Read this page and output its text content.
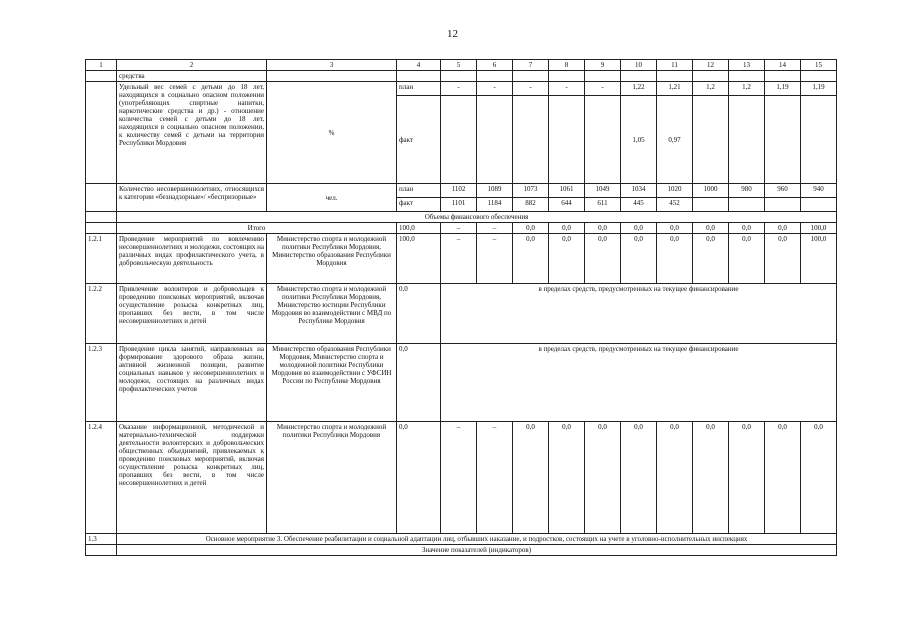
12
1	2	3	4	5	6	7	8	9	10	11	12	13	14	15
	средства													
	Удельный вес семей с детьми до 18 лет, находящихся в социально опасном положении (употребляющих спиртные напитки, наркотические средства и др.) - отношение количества семей с детьми до 18 лет, находящихся в социально опасном положении, к количеству семей с детьми на территории Республики Мордовия	%	план	-	-	-	-	-	1,22	1,21	1,2	1,2	1,19	1,19
			факт						1,05	0,97				
	Количество несовершеннолетних, относящихся к категории «безнадзорные»/ «беспризорные»	чел.	план	1102	1089	1073	1061	1049	1034	1020	1000	980	960	940
			факт	1101	1184	882	644	611	445	452				
	Объемы финансового обеспечения													
	Итого		100,0	–	–	0,0	0,0	0,0	0,0	0,0	0,0	0,0	0,0	100,0
1.2.1	Проведение мероприятий по вовлечению несовершеннолетних и молодежи, состоящих на различных видах профилактического учета, в добровольческую деятельность	Министерство спорта и молодежной политики Республики Мордовия, Министерство образования Республики Мордовия	100,0	–	–	0,0	0,0	0,0	0,0	0,0	0,0	0,0	0,0	100,0
1.2.2	Привлечение волонтеров и добровольцев к проведению поисковых мероприятий, включая осуществление розыска конкретных лиц, пропавших без вести, в том числе несовершеннолетних и детей	Министерство спорта и молодежной политики Республики Мордовия, Министерство юстиции Республики Мордовия во взаимодействии с МВД по Республике Мордовия	0,0	в пределах средств, предусмотренных на текущее финансирование										
1.2.3	Проведение цикла занятий, направленных на формирование здорового образа жизни, активной жизненной позиции, развитие социальных навыков у несовершеннолетних и молодежи, состоящих на различных видах профилактических учетов	Министерство образования Республики Мордовия, Министерство спорта и молодежной политики Республики Мордовия во взаимодействии с УФСИН России по Республике Мордовия	0,0	в пределах средств, предусмотренных на текущее финансирование										
1.2.4	Оказание информационной, методической и материально-технической поддержки деятельности волонтерских и добровольческих общественных объединений, привлекаемых к проведению поисковых мероприятий, включая осуществление розыска конкретных лиц, пропавших без вести, в том числе несовершеннолетних и детей	Министерство спорта и молодежной политики Республики Мордовия	0,0	–	–	0,0	0,0	0,0	0,0	0,0	0,0	0,0	0,0	0,0
1.3	Основное мероприятие 3. Обеспечение реабилитации и социальной адаптации лиц, отбывших наказание, и подростков, состоящих на учете в уголовно-исполнительных инспекциях													
	Значение показателей (индикаторов)													
